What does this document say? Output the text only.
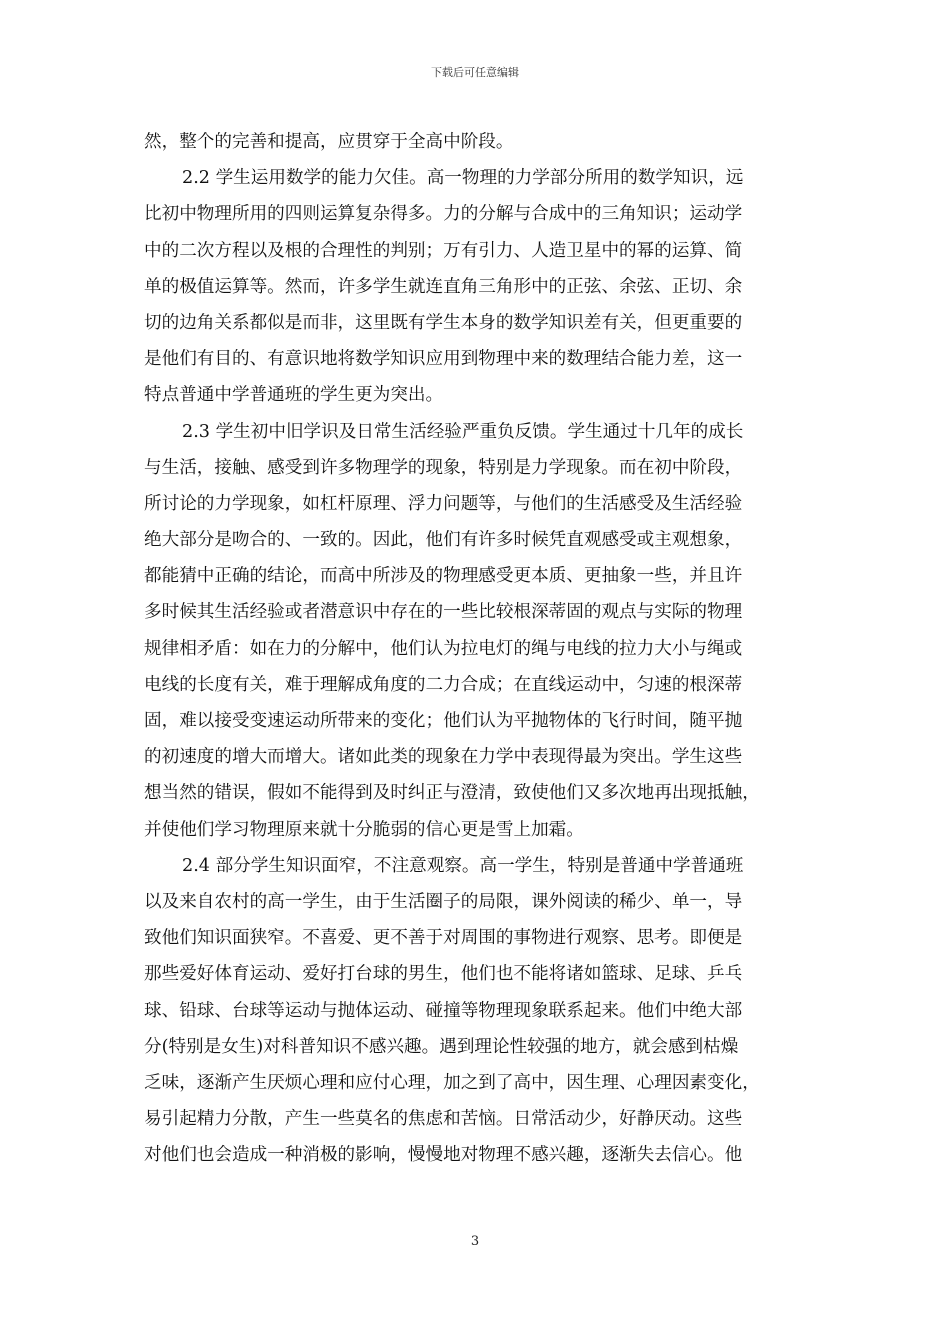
下载后可任意编辑
然，整个的完善和提高，应贯穿于全高中阶段。
2.2 学生运用数学的能力欠佳。高一物理的力学部分所用的数学知识，远
比初中物理所用的四则运算复杂得多。力的分解与合成中的三角知识；运动学
中的二次方程以及根的合理性的判别；万有引力、人造卫星中的幂的运算、简
单的极值运算等。然而，许多学生就连直角三角形中的正弦、余弦、正切、余
切的边角关系都似是而非，这里既有学生本身的数学知识差有关，但更重要的
是他们有目的、有意识地将数学知识应用到物理中来的数理结合能力差，这一
特点普通中学普通班的学生更为突出。
2.3 学生初中旧学识及日常生活经验严重负反馈。学生通过十几年的成长
与生活，接触、感受到许多物理学的现象，特别是力学现象。而在初中阶段，
所讨论的力学现象，如杠杆原理、浮力问题等，与他们的生活感受及生活经验
绝大部分是吻合的、一致的。因此，他们有许多时候凭直观感受或主观想象，
都能猜中正确的结论，而高中所涉及的物理感受更本质、更抽象一些，并且许
多时候其生活经验或者潜意识中存在的一些比较根深蒂固的观点与实际的物理
规律相矛盾：如在力的分解中，他们认为拉电灯的绳与电线的拉力大小与绳或
电线的长度有关，难于理解成角度的二力合成；在直线运动中，匀速的根深蒂
固，难以接受变速运动所带来的变化；他们认为平抛物体的飞行时间，随平抛
的初速度的增大而增大。诸如此类的现象在力学中表现得最为突出。学生这些
想当然的错误，假如不能得到及时纠正与澄清，致使他们又多次地再出现抵触，
并使他们学习物理原来就十分脆弱的信心更是雪上加霜。
2.4 部分学生知识面窄，不注意观察。高一学生，特别是普通中学普通班
以及来自农村的高一学生，由于生活圈子的局限，课外阅读的稀少、单一，导
致他们知识面狭窄。不喜爱、更不善于对周围的事物进行观察、思考。即便是
那些爱好体育运动、爱好打台球的男生，他们也不能将诸如篮球、足球、乒乓
球、铅球、台球等运动与抛体运动、碰撞等物理现象联系起来。他们中绝大部
分(特别是女生)对科普知识不感兴趣。遇到理论性较强的地方，就会感到枯燥
乏味，逐渐产生厌烦心理和应付心理，加之到了高中，因生理、心理因素变化，
易引起精力分散，产生一些莫名的焦虑和苦恼。日常活动少，好静厌动。这些
对他们也会造成一种消极的影响，慢慢地对物理不感兴趣，逐渐失去信心。他
3
